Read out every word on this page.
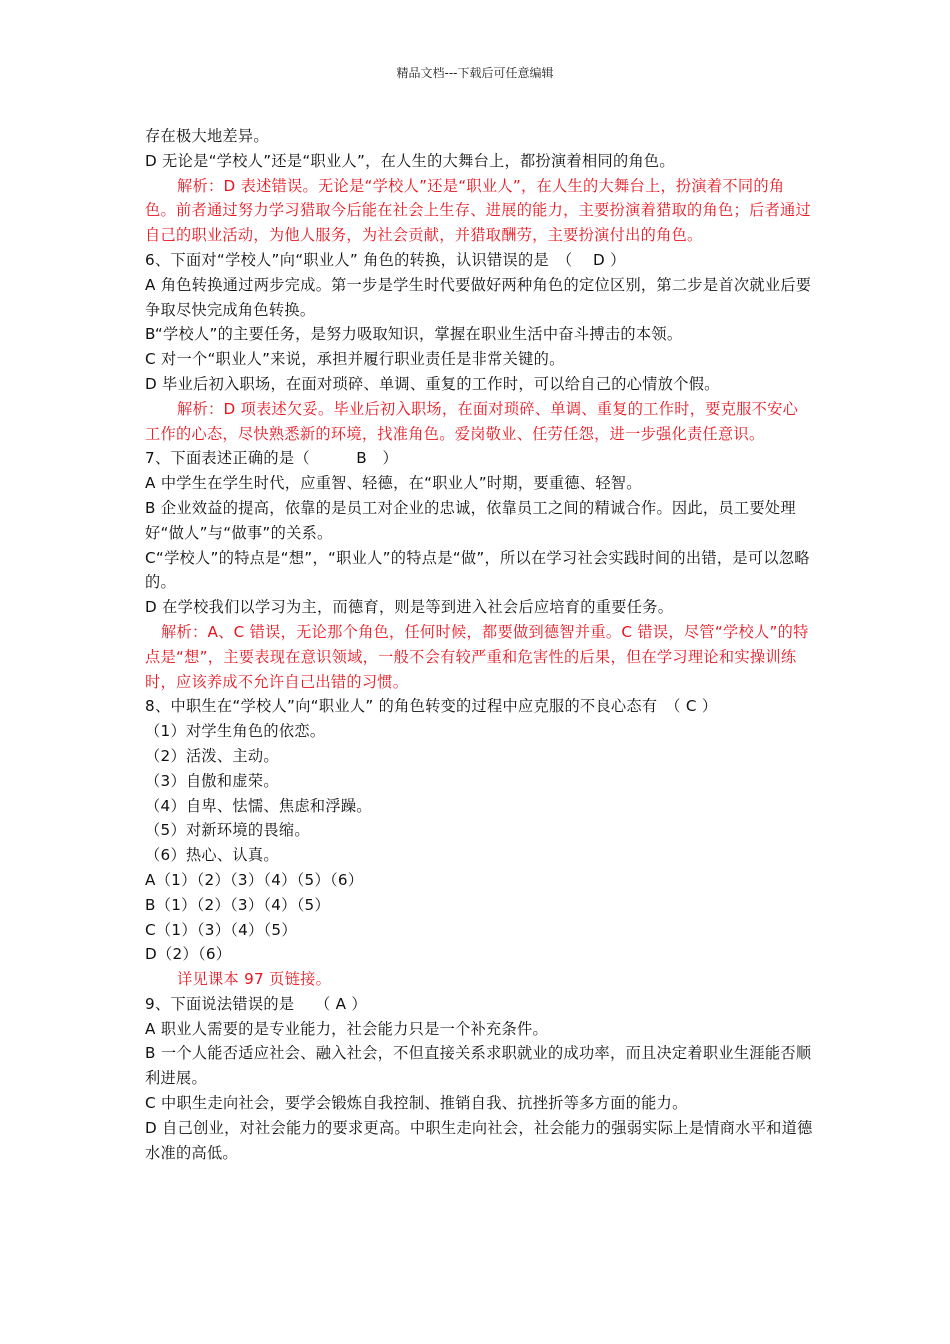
精品文档---下载后可任意编辑

存在极大地差异。

D 无论是“学校人”还是“职业人”，在人生的大舞台上，都扮演着相同的角色。

解析：D 表述错误。无论是“学校人”还是“职业人”，在人生的大舞台上，扮演着不同的角色。前者通过努力学习猎取今后能在社会上生存、进展的能力，主要扮演着猎取的角色；后者通过自己的职业活动，为他人服务，为社会贡献，并猎取酬劳，主要扮演付出的角色。

6、下面对“学校人”向“职业人” 角色的转换，认识错误的是　（　 D ）

A 角色转换通过两步完成。第一步是学生时代要做好两种角色的定位区别，第二步是首次就业后要争取尽快完成角色转换。

B“学校人”的主要任务，是努力吸取知识，掌握在职业生活中奋斗搏击的本领。

C 对一个“职业人”来说，承担并履行职业责任是非常关键的。

D 毕业后初入职场，在面对琐碎、单调、重复的工作时，可以给自己的心情放个假。

解析：D 项表述欠妥。毕业后初入职场，在面对琐碎、单调、重复的工作时，要克服不安心工作的心态，尽快熟悉新的环境，找准角色。爱岗敬业、任劳任怨，进一步强化责任意识。

7、下面表述正确的是（　　　B　）

A 中学生在学生时代，应重智、轻德，在“职业人”时期，要重德、轻智。

B 企业效益的提高，依靠的是员工对企业的忠诚，依靠员工之间的精诚合作。因此，员工要处理好“做人”与“做事”的关系。

C“学校人”的特点是“想”，“职业人”的特点是“做”，所以在学习社会实践时间的出错，是可以忽略的。

D 在学校我们以学习为主，而德育，则是等到进入社会后应培育的重要任务。

解析：A、C 错误，无论那个角色，任何时候，都要做到德智并重。C 错误，尽管“学校人”的特点是“想”，主要表现在意识领域，一般不会有较严重和危害性的后果，但在学习理论和实操训练时，应该养成不允许自己出错的习惯。

8、中职生在“学校人”向“职业人” 的角色转变的过程中应克服的不良心态有　（ C ）

（1）对学生角色的依恋。

（2）活泼、主动。

（3）自傲和虚荣。

（4）自卑、怯懦、焦虑和浮躁。

（5）对新环境的畏缩。

（6）热心、认真。

A（1）（2）（3）（4）（5）（6）

B（1）（2）（3）（4）（5）

C（1）（3）（4）（5）

D（2）（6）

详见课本 97 页链接。

9、下面说法错误的是　 （ A ）

A 职业人需要的是专业能力，社会能力只是一个补充条件。

B 一个人能否适应社会、融入社会，不但直接关系求职就业的成功率，而且决定着职业生涯能否顺利进展。

C 中职生走向社会，要学会锻炼自我控制、推销自我、抗挫折等多方面的能力。

D 自己创业，对社会能力的要求更高。中职生走向社会，社会能力的强弱实际上是情商水平和道德水准的高低。
